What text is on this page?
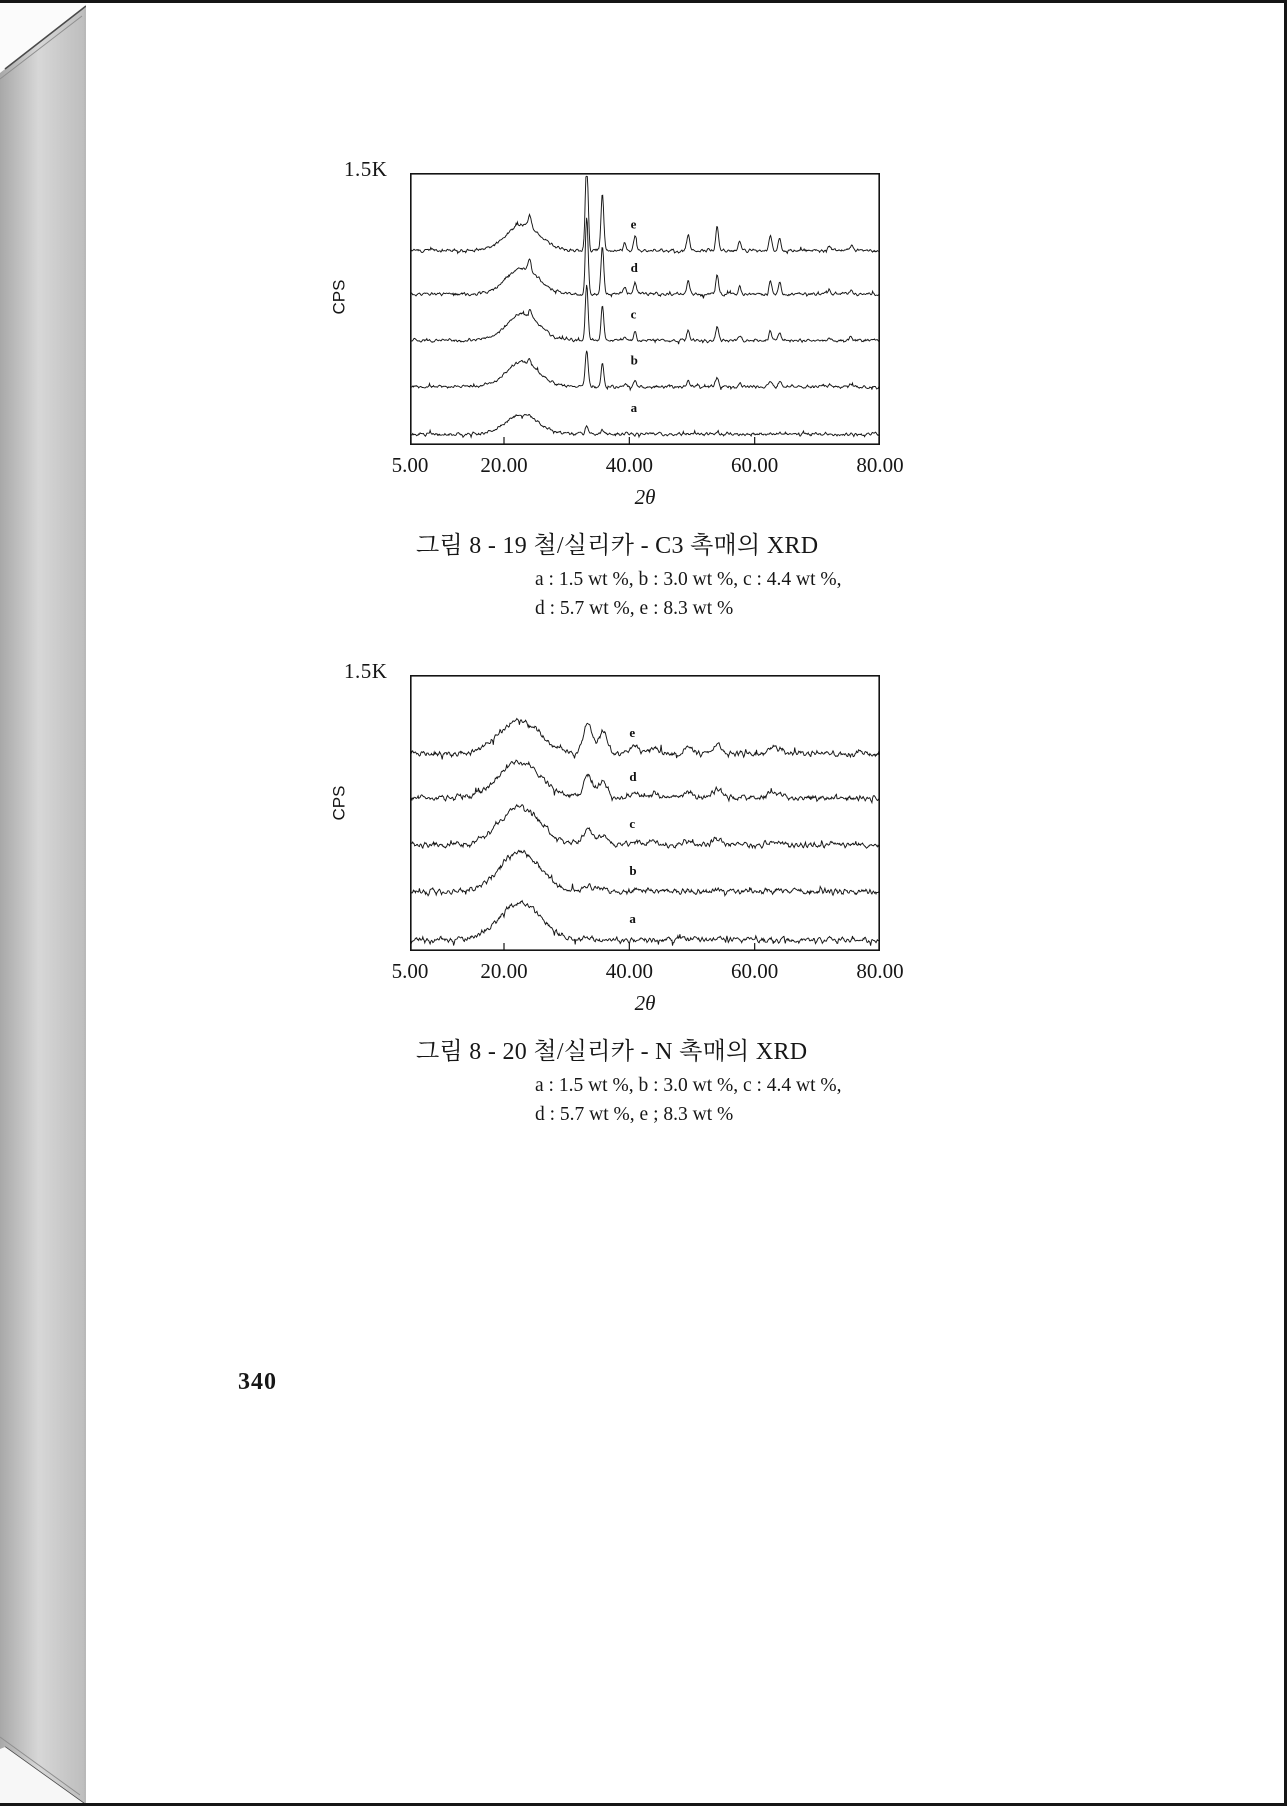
1.5K
CPS
a
b
c
d
e
5.00 20.00	40.00	60.00	80.00
2θ
그림 8 - 19 철/실리카 - C3 촉매의 XRD
a : 1.5 wt %, b : 3.0 wt %, c : 4.4 wt %,
d : 5.7 wt %, e : 8.3 wt %
1.5K
CPS
a
b
c
d
e
5.00 20.00	40.00	60.00	80.00
2θ
그림 8 - 20 철/실리카 - N 촉매의 XRD
a : 1.5 wt %, b : 3.0 wt %, c : 4.4 wt %,
d : 5.7 wt %, e ; 8.3 wt %
340
